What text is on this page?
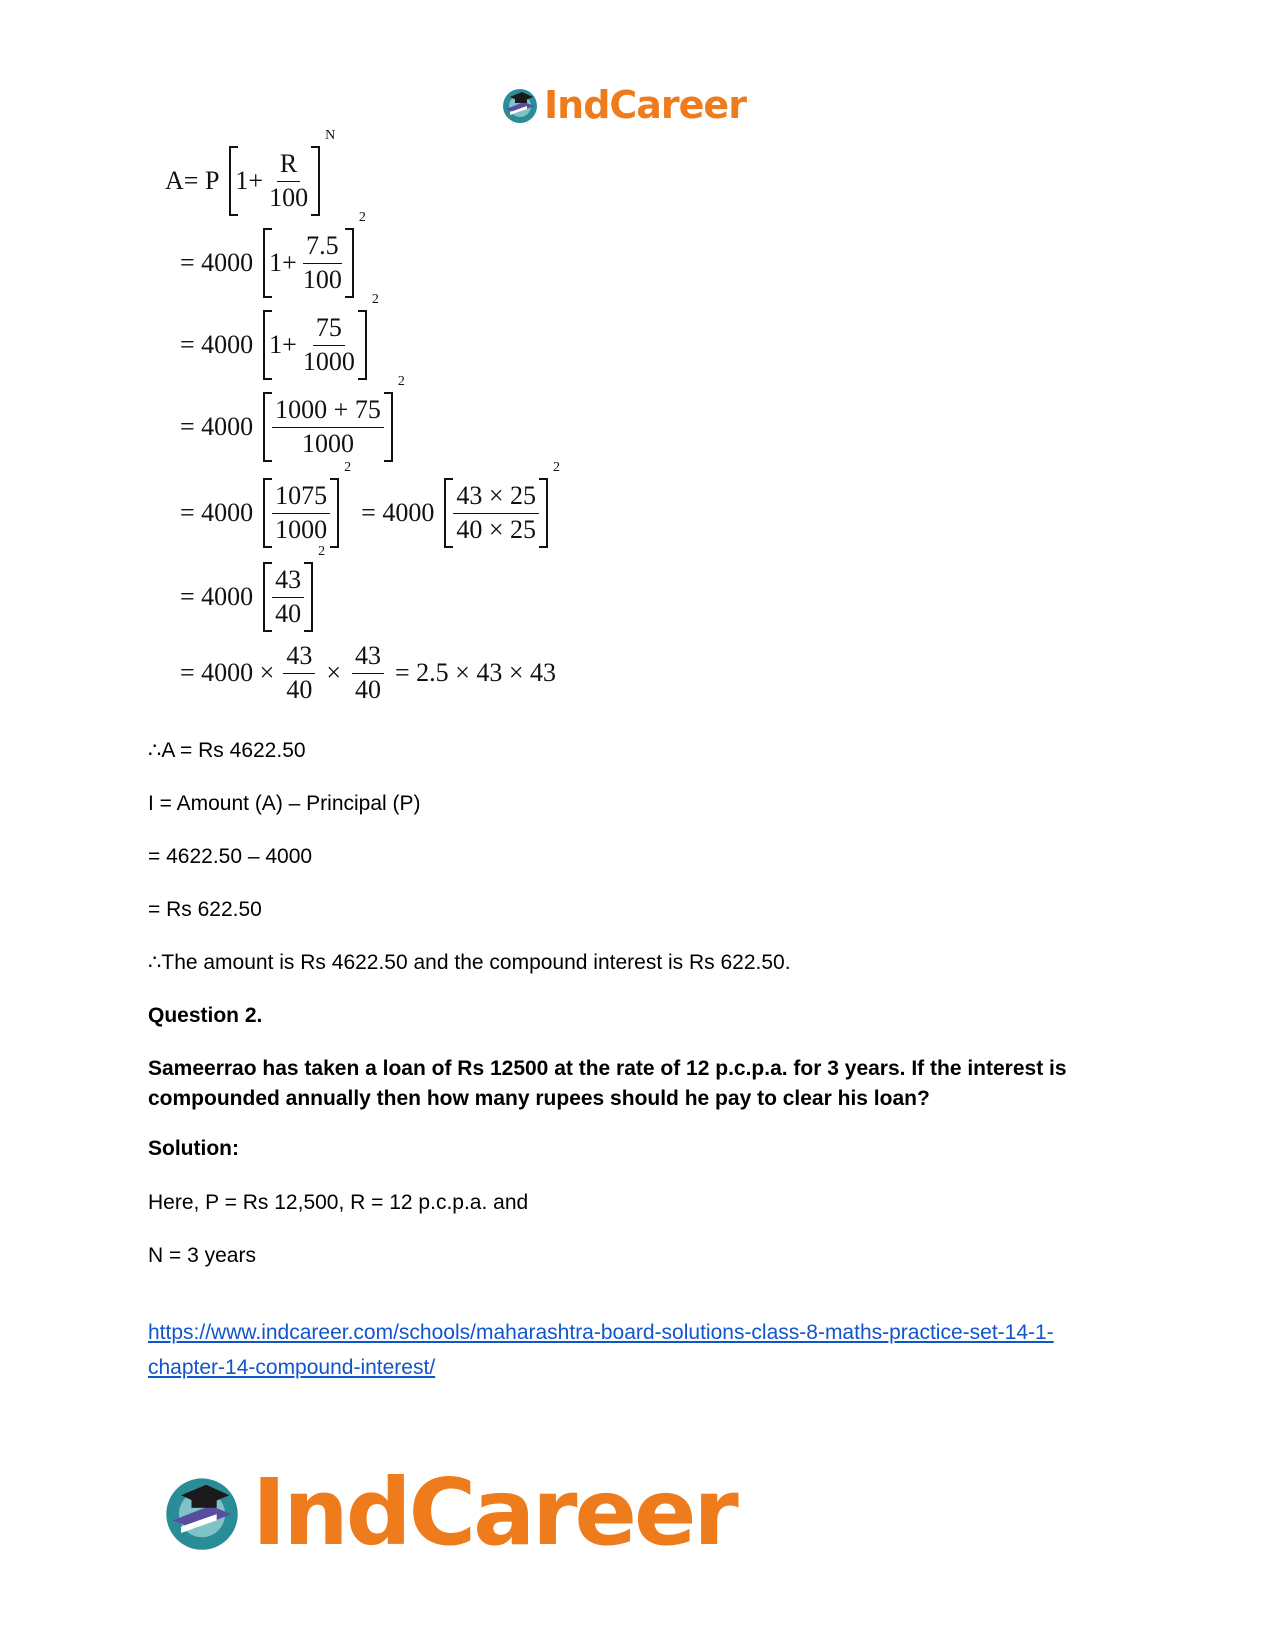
IndCareer
A= P $1+ \frac{R}{100}$
N
= 4000 $1+ \frac{7.5}{100}$
2
= 4000 $1+ \frac{75}{1000}$
2
= $4000 \frac{1000 + 75}{1000}$
2
= $4000 \frac{1075}{1000}$
2
= $4000 \frac{43 \times 25}{40 \times 25}$
2
= $4000 \frac{43}{40}$
2
= $4000 \times \frac{43}{40} \times \frac{43}{40} = 2.5 \times 43 \times 43$
∴A = Rs 4622.50
I = Amount (A) – Principal (P)
= 4622.50 – 4000
= Rs 622.50
∴The amount is Rs 4622.50 and the compound interest is Rs 622.50.
Question 2.
Sameerrao has taken a loan of Rs 12500 at the rate of 12 p.c.p.a. for 3 years. If the interest is compounded annually then how many rupees should he pay to clear his loan?
Solution:
Here, P = Rs 12,500, R = 12 p.c.p.a. and
N = 3 years
https://www.indcareer.com/schools/maharashtra-board-solutions-class-8-maths-practice-set-14-1-chapter-14-compound-interest/
IndCareer
